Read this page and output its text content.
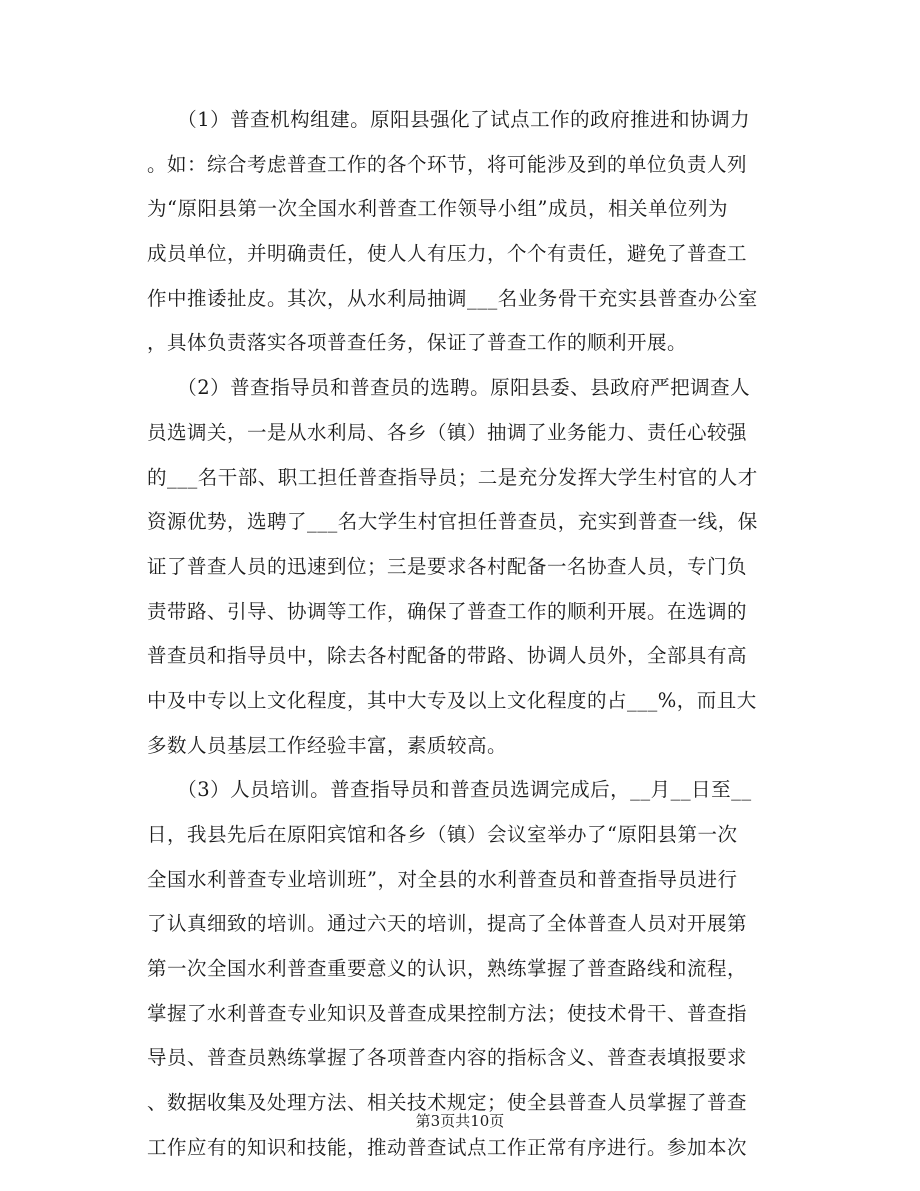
　　（1）普查机构组建。原阳县强化了试点工作的政府推进和协调力
。如：综合考虑普查工作的各个环节，将可能涉及到的单位负责人列
为“原阳县第一次全国水利普查工作领导小组”成员，相关单位列为
成员单位，并明确责任，使人人有压力，个个有责任，避免了普查工
作中推诿扯皮。其次，从水利局抽调___名业务骨干充实县普查办公室
，具体负责落实各项普查任务，保证了普查工作的顺利开展。
　　（2）普查指导员和普查员的选聘。原阳县委、县政府严把调查人
员选调关，一是从水利局、各乡（镇）抽调了业务能力、责任心较强
的___名干部、职工担任普查指导员；二是充分发挥大学生村官的人才
资源优势，选聘了___名大学生村官担任普查员，充实到普查一线，保
证了普查人员的迅速到位；三是要求各村配备一名协查人员，专门负
责带路、引导、协调等工作，确保了普查工作的顺利开展。在选调的
普查员和指导员中，除去各村配备的带路、协调人员外，全部具有高
中及中专以上文化程度，其中大专及以上文化程度的占___%，而且大
多数人员基层工作经验丰富，素质较高。
　　（3）人员培训。普查指导员和普查员选调完成后，__月__日至__
日，我县先后在原阳宾馆和各乡（镇）会议室举办了“原阳县第一次
全国水利普查专业培训班”，对全县的水利普查员和普查指导员进行
了认真细致的培训。通过六天的培训，提高了全体普查人员对开展第
第一次全国水利普查重要意义的认识，熟练掌握了普查路线和流程，
掌握了水利普查专业知识及普查成果控制方法；使技术骨干、普查指
导员、普查员熟练掌握了各项普查内容的指标含义、普查表填报要求
、数据收集及处理方法、相关技术规定；使全县普查人员掌握了普查
工作应有的知识和技能，推动普查试点工作正常有序进行。参加本次
第3页共10页
